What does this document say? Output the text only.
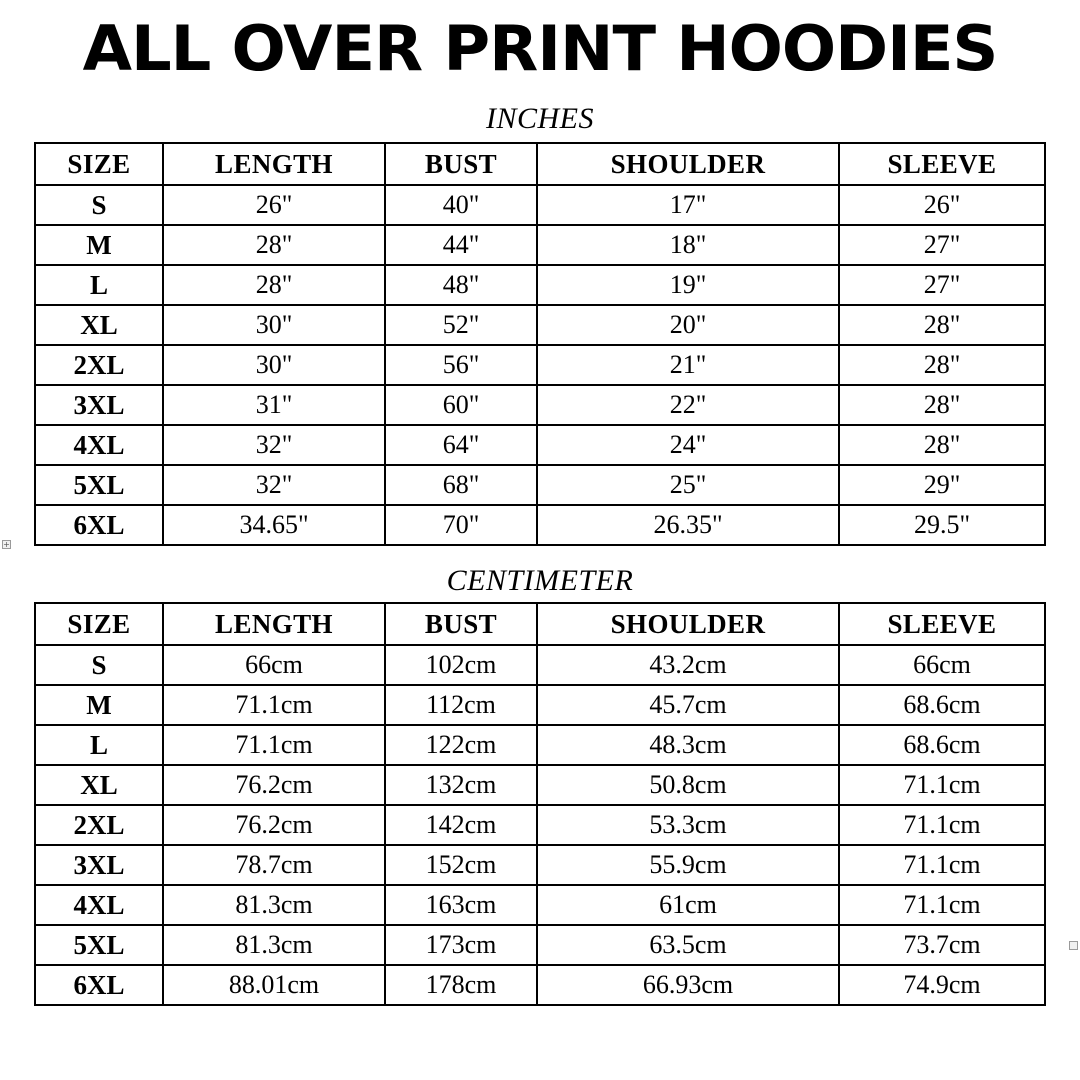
ALL OVER PRINT HOODIES
INCHES
SIZE	LENGTH	BUST	SHOULDER	SLEEVE
S	26"	40"	17"	26"
M	28"	44"	18"	27"
L	28"	48"	19"	27"
XL	30"	52"	20"	28"
2XL	30"	56"	21"	28"
3XL	31"	60"	22"	28"
4XL	32"	64"	24"	28"
5XL	32"	68"	25"	29"
6XL	34.65"	70"	26.35"	29.5"
CENTIMETER
SIZE	LENGTH	BUST	SHOULDER	SLEEVE
S	66cm	102cm	43.2cm	66cm
M	71.1cm	112cm	45.7cm	68.6cm
L	71.1cm	122cm	48.3cm	68.6cm
XL	76.2cm	132cm	50.8cm	71.1cm
2XL	76.2cm	142cm	53.3cm	71.1cm
3XL	78.7cm	152cm	55.9cm	71.1cm
4XL	81.3cm	163cm	61cm	71.1cm
5XL	81.3cm	173cm	63.5cm	73.7cm
6XL	88.01cm	178cm	66.93cm	74.9cm
+
